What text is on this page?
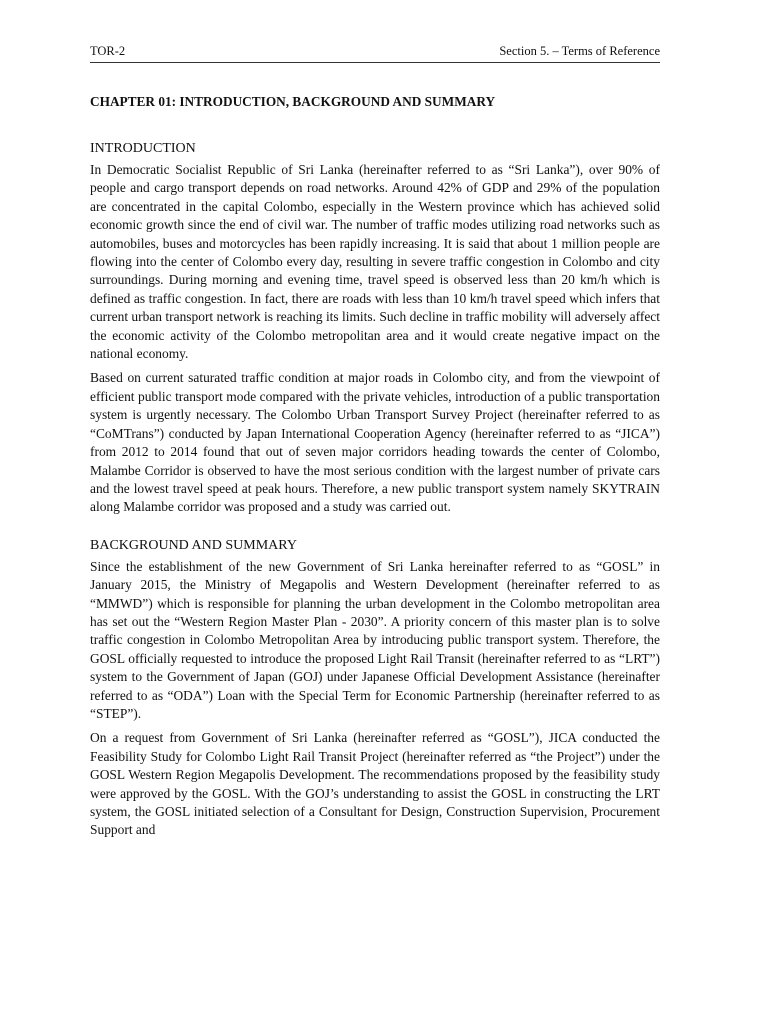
TOR-2	Section 5. – Terms of Reference
CHAPTER 01: INTRODUCTION, BACKGROUND AND SUMMARY
INTRODUCTION

In Democratic Socialist Republic of Sri Lanka (hereinafter referred to as “Sri Lanka”), over 90% of people and cargo transport depends on road networks. Around 42% of GDP and 29% of the population are concentrated in the capital Colombo, especially in the Western province which has achieved solid economic growth since the end of civil war. The number of traffic modes utilizing road networks such as automobiles, buses and motorcycles has been rapidly increasing. It is said that about 1 million people are flowing into the center of Colombo every day, resulting in severe traffic congestion in Colombo and city surroundings. During morning and evening time, travel speed is observed less than 20 km/h which is defined as traffic congestion. In fact, there are roads with less than 10 km/h travel speed which infers that current urban transport network is reaching its limits. Such decline in traffic mobility will adversely affect the economic activity of the Colombo metropolitan area and it would create negative impact on the national economy.

Based on current saturated traffic condition at major roads in Colombo city, and from the viewpoint of efficient public transport mode compared with the private vehicles, introduction of a public transportation system is urgently necessary. The Colombo Urban Transport Survey Project (hereinafter referred to as “CoMTrans”) conducted by Japan International Cooperation Agency (hereinafter referred to as “JICA”) from 2012 to 2014 found that out of seven major corridors heading towards the center of Colombo, Malambe Corridor is observed to have the most serious condition with the largest number of private cars and the lowest travel speed at peak hours. Therefore, a new public transport system namely SKYTRAIN along Malambe corridor was proposed and a study was carried out.

BACKGROUND AND SUMMARY

Since the establishment of the new Government of Sri Lanka hereinafter referred to as “GOSL” in January 2015, the Ministry of Megapolis and Western Development (hereinafter referred to as “MMWD”) which is responsible for planning the urban development in the Colombo metropolitan area has set out the “Western Region Master Plan - 2030”. A priority concern of this master plan is to solve traffic congestion in Colombo Metropolitan Area by introducing public transport system. Therefore, the GOSL officially requested to introduce the proposed Light Rail Transit (hereinafter referred to as “LRT”) system to the Government of Japan (GOJ) under Japanese Official Development Assistance (hereinafter referred to as “ODA”) Loan with the Special Term for Economic Partnership (hereinafter referred to as “STEP”).

On a request from Government of Sri Lanka (hereinafter referred as “GOSL”), JICA conducted the Feasibility Study for Colombo Light Rail Transit Project (hereinafter referred as “the Project”) under the GOSL Western Region Megapolis Development. The recommendations proposed by the feasibility study were approved by the GOSL. With the GOJ’s understanding to assist the GOSL in constructing the LRT system, the GOSL initiated selection of a Consultant for Design, Construction Supervision, Procurement Support and
